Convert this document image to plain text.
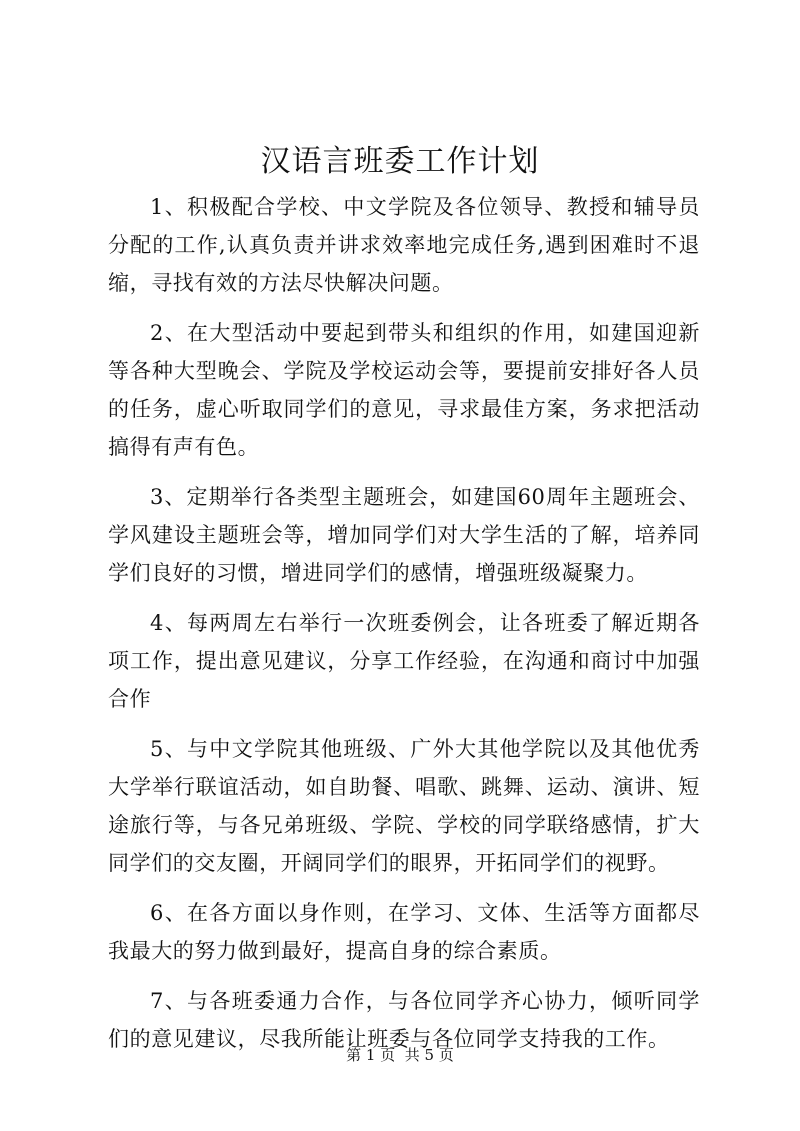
汉语言班委工作计划

1、积极配合学校、中文学院及各位领导、教授和辅导员分配的工作,认真负责并讲求效率地完成任务,遇到困难时不退缩，寻找有效的方法尽快解决问题。

2、在大型活动中要起到带头和组织的作用，如建国迎新等各种大型晚会、学院及学校运动会等，要提前安排好各人员的任务，虚心听取同学们的意见，寻求最佳方案，务求把活动搞得有声有色。

3、定期举行各类型主题班会，如建国60周年主题班会、学风建设主题班会等，增加同学们对大学生活的了解，培养同学们良好的习惯，增进同学们的感情，增强班级凝聚力。

4、每两周左右举行一次班委例会，让各班委了解近期各项工作，提出意见建议，分享工作经验，在沟通和商讨中加强合作

5、与中文学院其他班级、广外大其他学院以及其他优秀大学举行联谊活动，如自助餐、唱歌、跳舞、运动、演讲、短途旅行等，与各兄弟班级、学院、学校的同学联络感情，扩大同学们的交友圈，开阔同学们的眼界，开拓同学们的视野。

6、在各方面以身作则，在学习、文体、生活等方面都尽我最大的努力做到最好，提高自身的综合素质。

7、与各班委通力合作，与各位同学齐心协力，倾听同学们的意见建议，尽我所能让班委与各位同学支持我的工作。

第 1 页  共 5 页
